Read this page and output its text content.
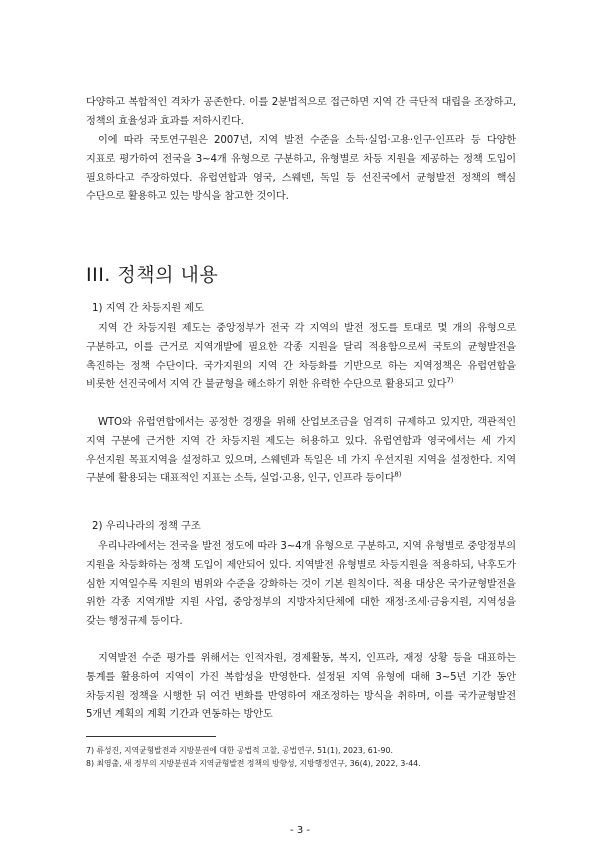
다양하고 복합적인 격차가 공존한다. 이를 2분법적으로 접근하면 지역 간 극단적 대립을 조장하고, 정책의 효율성과 효과를 저하시킨다.

이에 따라 국토연구원은 2007년, 지역 발전 수준을 소득·실업·고용·인구·인프라 등 다양한 지표로 평가하여 전국을 3~4개 유형으로 구분하고, 유형별로 차등 지원을 제공하는 정책 도입이 필요하다고 주장하였다. 유럽연합과 영국, 스웨덴, 독일 등 선진국에서 균형발전 정책의 핵심 수단으로 활용하고 있는 방식을 참고한 것이다.

III. 정책의 내용

1) 지역 간 차등지원 제도

지역 간 차등지원 제도는 중앙정부가 전국 각 지역의 발전 정도를 토대로 몇 개의 유형으로 구분하고, 이를 근거로 지역개발에 필요한 각종 지원을 달리 적용함으로써 국토의 균형발전을 촉진하는 정책 수단이다. 국가지원의 지역 간 차등화를 기반으로 하는 지역정책은 유럽연합을 비롯한 선진국에서 지역 간 불균형을 해소하기 위한 유력한 수단으로 활용되고 있다$^{7)}$

WTO와 유럽연합에서는 공정한 경쟁을 위해 산업보조금을 엄격히 규제하고 있지만, 객관적인 지역 구분에 근거한 지역 간 차등지원 제도는 허용하고 있다. 유럽연합과 영국에서는 세 가지 우선지원 목표지역을 설정하고 있으며, 스웨덴과 독일은 네 가지 우선지원 지역을 설정한다. 지역 구분에 활용되는 대표적인 지표는 소득, 실업·고용, 인구, 인프라 등이다$^{8)}$

2) 우리나라의 정책 구조

우리나라에서는 전국을 발전 정도에 따라 3~4개 유형으로 구분하고, 지역 유형별로 중앙정부의 지원을 차등화하는 정책 도입이 제안되어 있다. 지역발전 유형별로 차등지원을 적용하되, 낙후도가 심한 지역일수록 지원의 범위와 수준을 강화하는 것이 기본 원칙이다. 적용 대상은 국가균형발전을 위한 각종 지역개발 지원 사업, 중앙정부의 지방자치단체에 대한 재정·조세·금융지원, 지역성을 갖는 행정규제 등이다.

지역발전 수준 평가를 위해서는 인적자원, 경제활동, 복지, 인프라, 재정 상황 등을 대표하는 통계를 활용하여 지역이 가진 복합성을 반영한다. 설정된 지역 유형에 대해 3~5년 기간 동안 차등지원 정책을 시행한 뒤 여건 변화를 반영하여 재조정하는 방식을 취하며, 이를 국가균형발전 5개년 계획의 계획 기간과 연동하는 방안도

7) 류성진, 지역균형발전과 지방분권에 대한 공법적 고찰, 공법연구, 51(1), 2023, 61-90.

8) 최영출, 새 정부의 지방분권과 지역균형발전 정책의 방향성, 지방행정연구, 36(4), 2022, 3-44.

- 3 -
